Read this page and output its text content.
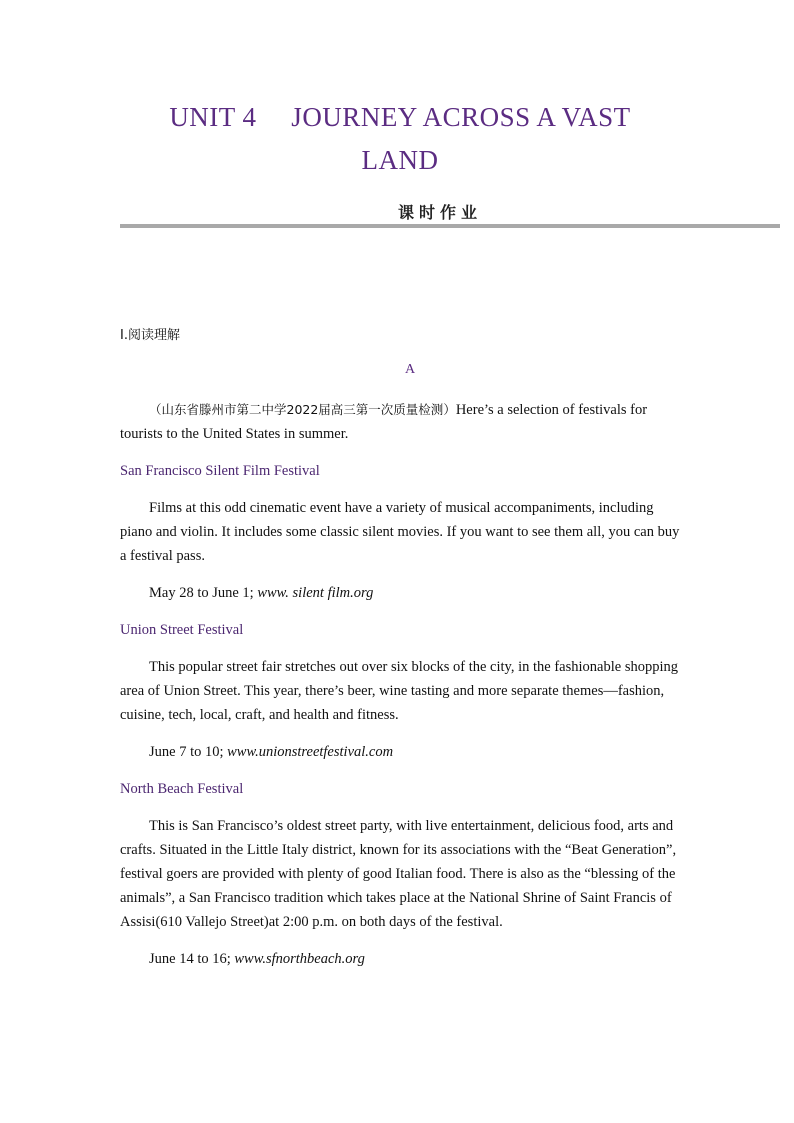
UNIT 4  JOURNEY ACROSS A VAST
LAND
课时作业
Ⅰ.阅读理解
A

（山东省滕州市第二中学2022届高三第一次质量检测）Here’s a selection of festivals for tourists to the United States in summer.

San Francisco Silent Film Festival

Films at this odd cinematic event have a variety of musical accompaniments, including piano and violin. It includes some classic silent movies. If you want to see them all, you can buy a festival pass.

May 28 to June 1; www. silent film.org

Union Street Festival

This popular street fair stretches out over six blocks of the city, in the fashionable shopping area of Union Street. This year, there’s beer, wine tasting and more separate themes—fashion, cuisine, tech, local, craft, and health and fitness.

June 7 to 10; www.unionstreetfestival.com

North Beach Festival

This is San Francisco’s oldest street party, with live entertainment, delicious food, arts and crafts. Situated in the Little Italy district, known for its associations with the “Beat Generation”, festival goers are provided with plenty of good Italian food. There is also as the “blessing of the animals”, a San Francisco tradition which takes place at the National Shrine of Saint Francis of Assisi(610 Vallejo Street)at 2:00 p.m. on both days of the festival.

June 14 to 16; www.sfnorthbeach.org
